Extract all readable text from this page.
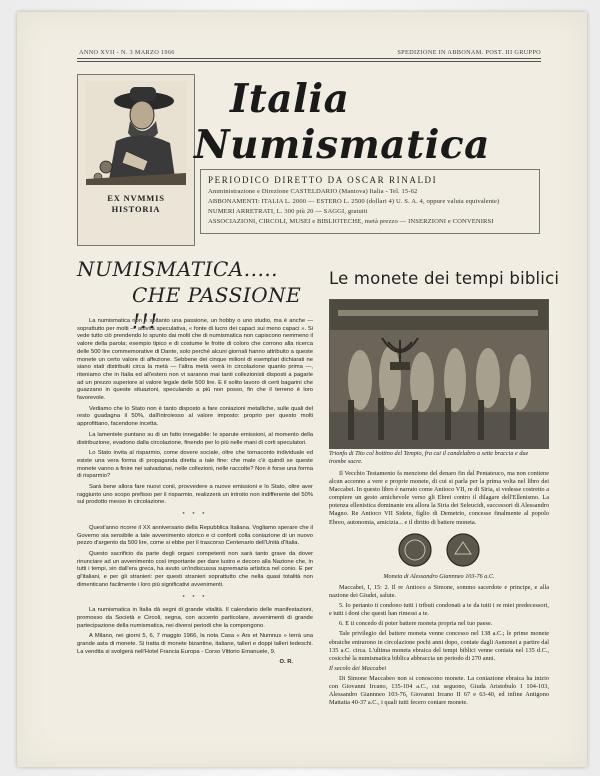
ANNO XVII - N. 3 MARZO 1966	SPEDIZIONE IN ABBONAM. POST. III GRUPPO
EX NVMMIS
HISTORIA
Italia
Numismatica
PERIODICO DIRETTO DA OSCAR RINALDI
Amministrazione e Direzione CASTELDARIO (Mantova) Italia - Tel. 15-62
ABBONAMENTI: ITALIA L. 2000 — ESTERO L. 2500 (dollari 4) U. S. A. 4, oppure valuta equivalente)
NUMERI ARRETRATI, L. 300 più 20 — SAGGI, gratuiti
ASSOCIAZIONI, CIRCOLI, MUSEI e BIBLIOTECHE, metà prezzo — INSERZIONI e CONVENIRSI
NUMISMATICA.....
CHE PASSIONE !!!
Le monete dei tempi biblici

La numismatica non è soltanto una passione, un hobby o uno studio, ma è anche — soprattutto per molti — attività speculativa, « fonte di lucro dei capaci sui meno capaci ». Si vede tutto ciò prendendo lo spunto dai molti che di numismatica non capiscono nemmeno il valore della parola; esempio tipico e di costume le frotte di coloro che corrono alla ricerca delle 500 lire commemorative di Dante, solo perché alcuni giornali hanno attribuito a queste monete un certo valore di affezione. Sebbene dei cinque milioni di esemplari dichiarati ne siano stati distribuiti circa la metà — l'altra metà verrà in circolazione quanto prima —, riteniamo che in Italia ed all'estero non vi saranno mai tanti collezionisti disposti a pagarle ad un prezzo superiore al valore legale delle 500 lire. E il solito lavoro di certi bagarini che guazzano in queste situazioni, speculando a più non posso, fin che il terreno è loro favorevole.

Vediamo che lo Stato non è tanto disposto a fare coniazioni metalliche, sulle quali del resto guadagna il 50%, dall'introiesso al valore imposto: proprio per questo molti approfittano, facendone incetta.

La lamentele puntano su di un fatto innegabile: le sparute emissioni, al momento della distribuzione, evadono dalla circolazione, finendo per lo più nelle mani di corti speculatori.

Lo Stato invita al risparmio, come dovere sociale, oltre che tornaconto individuale ed esiste una vera forma di propaganda diretta a tale fine: che male c'è quindi se queste monete vanno a finire nei salvadanai, nelle collezioni, nelle raccolte? Non è forse una forma di risparmio?

Sarà bene allora fare nuovi conii, provvedere a nuove emissioni e lo Stato, oltre aver raggiunto uno scopo prefisso per il risparmio, realizzerà un introito non indifferente del 50% sul prodotto messo in circolazione.

* * *

Quest'anno ricorre il XX anniversario della Repubblica Italiana. Vogliamo sperare che il Governo sia sensibile a tale avvenimento storico e ci conforti colla coniazione di un nuovo pezzo d'argento da 500 lire, come si ebbe per il trascorso Centenario dell'Unità d'Italia.

Questo sacrificio da parte degli organi competenti non sarà tanto grave da dover rinunciare ad un avvenimento così importante per dare lustro e decoro alla Nazione che, in tutti i tempi, sin dall'era greca, ha avuto un'indiscussa supremazia artistica nel conio. E per gl'italiani, e per gli stranieri: per questi stranieri soprattutto che nella quasi totalità non dimenticano facilmente i loro più significativi avvenimenti.

* * *

La numismatica in Italia dà segni di grande vitalità. Il calendario delle manifestazioni, promosso da Società e Circoli, segna, con accento particolare, avvenimenti di grande partecipazione della numismatica, nei diversi periodi che la compongono.

A Milano, nei giorni 5, 6, 7 maggio 1966, la nota Casa « Ars et Numnus » terrà una grande asta di monete. Si tratta di monete bizantine, italiane, talleri e doppi talleri tedeschi. La vendita si svolgerà nell'Hotel Francia Europa - Corso Vittorio Emanuele, 9.

O. R.

Trionfo di Tito col bottino del Tempio, fra cui il candelabro a sette braccia e due trombe sacre.

Il Vecchio Testamento fa menzione del denaro fin dal Pentateuco, ma non contiene alcun accenno a vere e proprie monete, di cui si parla per la prima volta nel libro dei Maccabei. In questo libro è narrato come Antioco VII, re di Siria, si vedesse costretto a compiere un gesto amichevole verso gli Ebrei contro il dilagare dell'Ellenismo. La potenza ellenistica dominante era allora la Siria dei Seleucidi, successori di Alessandro Magno. Re Antioco VII Sidete, figlio di Demetrio, concesse finalmente al popolo Ebreo, autonomia, amicizia... e il diritto di battere moneta.

Moneta di Alessandro Giannneo 103-76 a.C.

Maccabei, I, 15: 2. Il re Antioco a Simone, sommo sacerdote e principe, e alla nazione dei Giudei, salute.

5. Io pertanto ti condono tutti i tributi condonati a te da tutti i re miei predecessori, e tutti i doni che questi han rimessi a te.

6. E ti concedo di poter battere moneta propria nel tuo paese.

Tale privilegio del battere moneta venne concesso nel 138 a.C.; le prime monete ebraiche entrarono in circolazione pochi anni dopo, coniate dagli Asmonei a partire dal 135 a.C. circa. L'ultima moneta ebraica del tempi biblici venne coniata nel 135 d.C., cosicché la numismatica biblica abbraccia un periodo di 270 anni.

Il secolo dei Maccabei

Di Simone Maccabeo non si conoscono monete. La coniazione ebraica ha inizio con Giovanni Ircano, 135-104 a.C., cui seguono, Giuda Aristobulo I 104-103, Alessandro Giannneo 103-76, Giovanni Ircano II 67 e 63-40, ed infine Antigono Mattatia 40-37 a.C., i quali tutti fecero coniare monete.
